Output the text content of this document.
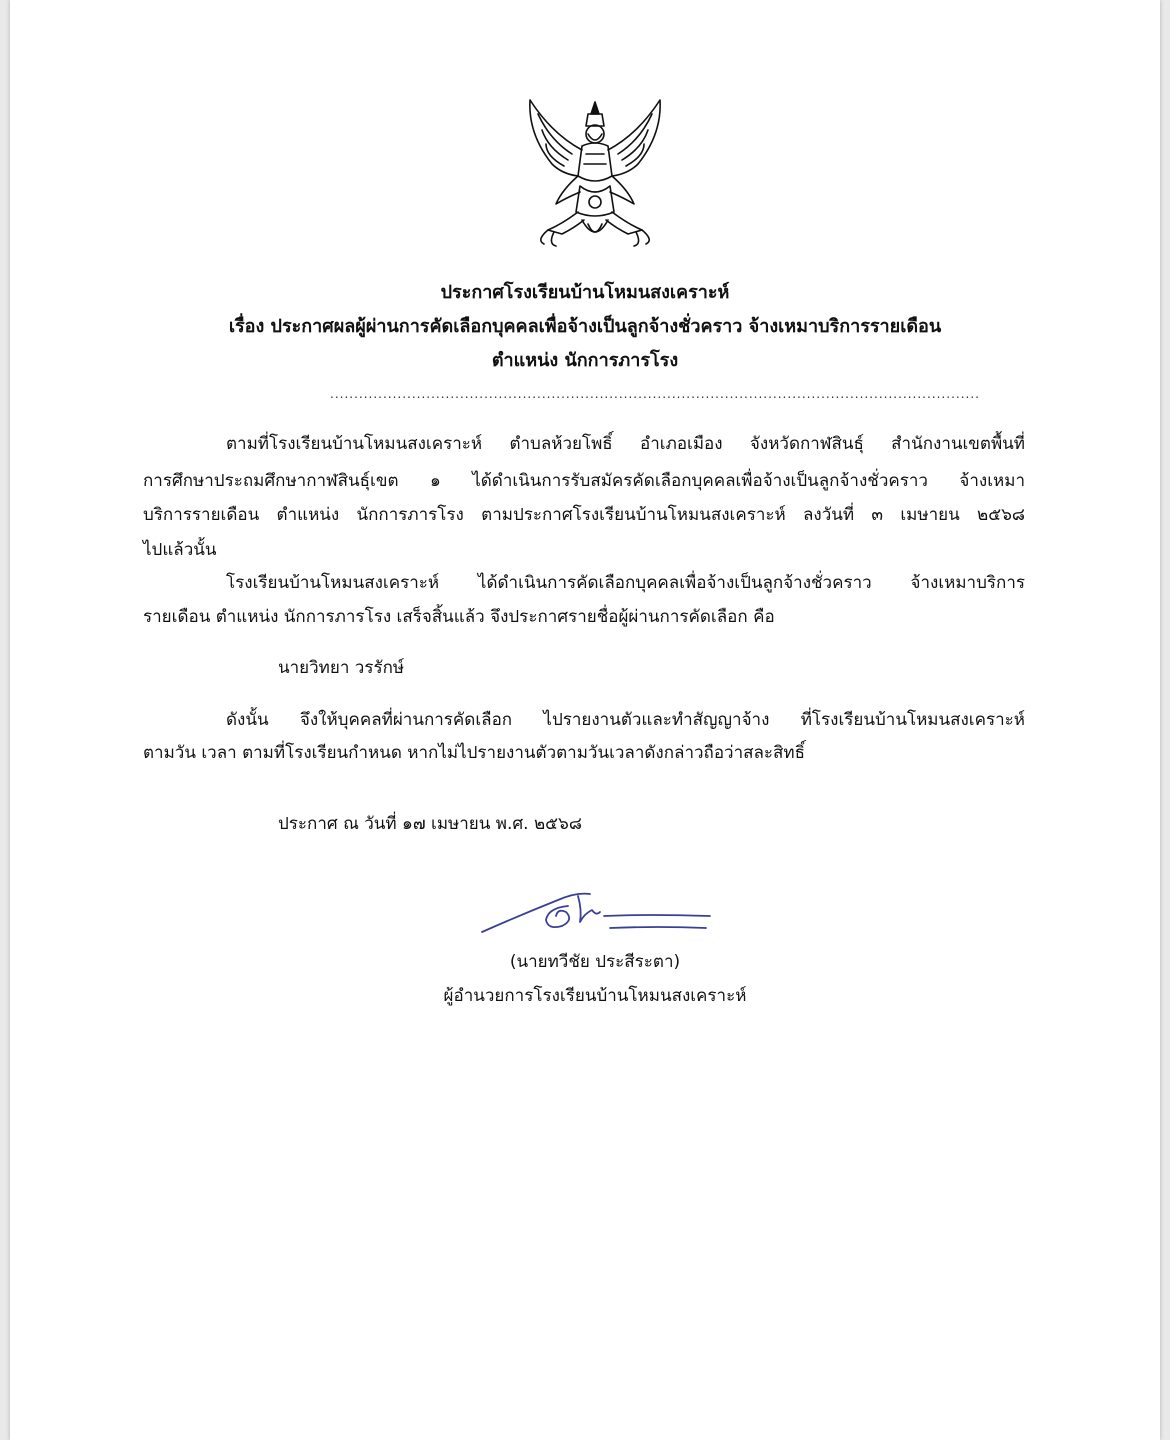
ประกาศโรงเรียนบ้านโหมนสงเคราะห์
เรื่อง ประกาศผลผู้ผ่านการคัดเลือกบุคคลเพื่อจ้างเป็นลูกจ้างชั่วคราว จ้างเหมาบริการรายเดือน
ตำแหน่ง นักการภารโรง
.......................................................................................................................................
ตามที่โรงเรียนบ้านโหมนสงเคราะห์ ตำบลห้วยโพธิ์ อำเภอเมือง จังหวัดกาฬสินธุ์ สำนักงานเขตพื้นที่
การศึกษาประถมศึกษากาฬสินธุ์เขต ๑ ได้ดำเนินการรับสมัครคัดเลือกบุคคลเพื่อจ้างเป็นลูกจ้างชั่วคราว จ้างเหมา
บริการรายเดือน ตำแหน่ง นักการภารโรง ตามประกาศโรงเรียนบ้านโหมนสงเคราะห์ ลงวันที่ ๓ เมษายน ๒๕๖๘
ไปแล้วนั้น
โรงเรียนบ้านโหมนสงเคราะห์ ได้ดำเนินการคัดเลือกบุคคลเพื่อจ้างเป็นลูกจ้างชั่วคราว จ้างเหมาบริการ
รายเดือน ตำแหน่ง นักการภารโรง เสร็จสิ้นแล้ว จึงประกาศรายชื่อผู้ผ่านการคัดเลือก คือ
นายวิทยา วรรักษ์
ดังนั้น จึงให้บุคคลที่ผ่านการคัดเลือก ไปรายงานตัวและทำสัญญาจ้าง ที่โรงเรียนบ้านโหมนสงเคราะห์
ตามวัน เวลา ตามที่โรงเรียนกำหนด หากไม่ไปรายงานตัวตามวันเวลาดังกล่าวถือว่าสละสิทธิ์
ประกาศ ณ วันที่ ๑๗ เมษายน พ.ศ. ๒๕๖๘
(นายทวีชัย ประสีระตา)
ผู้อำนวยการโรงเรียนบ้านโหมนสงเคราะห์
